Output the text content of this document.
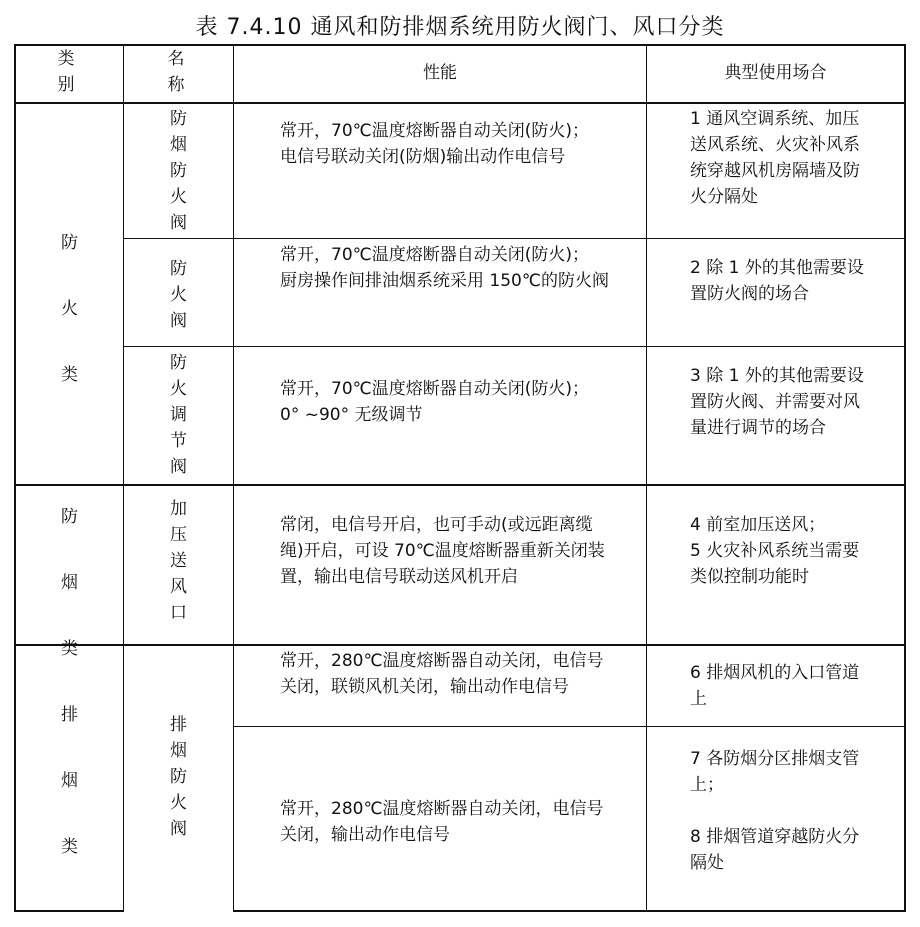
表 7.4.10 通风和防排烟系统用防火阀门、风口分类
类别
名称
性能	典型使用场合
防火类
防烟防火阀
常开，70℃温度熔断器自动关闭(防火)；
电信号联动关闭(防烟)输出动作电信号
1 通风空调系统、加压送风系统、火灾补风系统穿越风机房隔墙及防火分隔处
防火阀
常开，70℃温度熔断器自动关闭(防火)；
厨房操作间排油烟系统采用 150℃的防火阀
2 除 1 外的其他需要设置防火阀的场合
防火调节阀
常开，70℃温度熔断器自动关闭(防火)；
0° ~90° 无级调节
3 除 1 外的其他需要设置防火阀、并需要对风量进行调节的场合
防烟类
加压送风口
常闭，电信号开启，也可手动(或远距离缆绳)开启，可设 70℃温度熔断器重新关闭装置，输出电信号联动送风机开启
4 前室加压送风；
5 火灾补风系统当需要类似控制功能时
排烟类
排烟防火阀
常开，280℃温度熔断器自动关闭，电信号关闭，联锁风机关闭，输出动作电信号
6 排烟风机的入口管道上
常开，280℃温度熔断器自动关闭，电信号关闭，输出动作电信号
7 各防烟分区排烟支管上；

8 排烟管道穿越防火分隔处
